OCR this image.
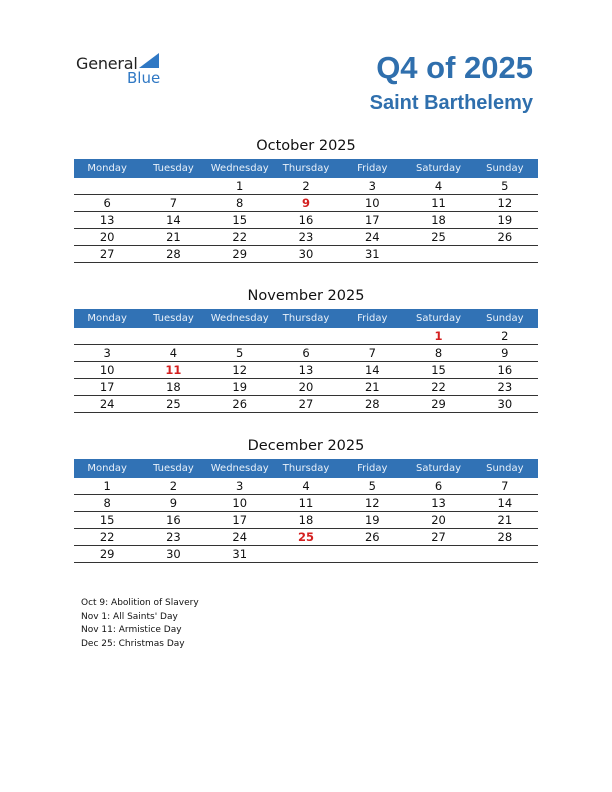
General
Blue	Q4 of 2025
Saint Barthelemy
October 2025
Monday	Tuesday	Wednesday	Thursday	Friday	Saturday	Sunday
		1	2	3	4	5
6	7	8	9	10	11	12
13	14	15	16	17	18	19
20	21	22	23	24	25	26
27	28	29	30	31		
November 2025
Monday	Tuesday	Wednesday	Thursday	Friday	Saturday	Sunday
					1	2
3	4	5	6	7	8	9
10	11	12	13	14	15	16
17	18	19	20	21	22	23
24	25	26	27	28	29	30
December 2025
Monday	Tuesday	Wednesday	Thursday	Friday	Saturday	Sunday
1	2	3	4	5	6	7
8	9	10	11	12	13	14
15	16	17	18	19	20	21
22	23	24	25	26	27	28
29	30	31				
Oct 9: Abolition of Slavery
Nov 1: All Saints' Day
Nov 11: Armistice Day
Dec 25: Christmas Day
